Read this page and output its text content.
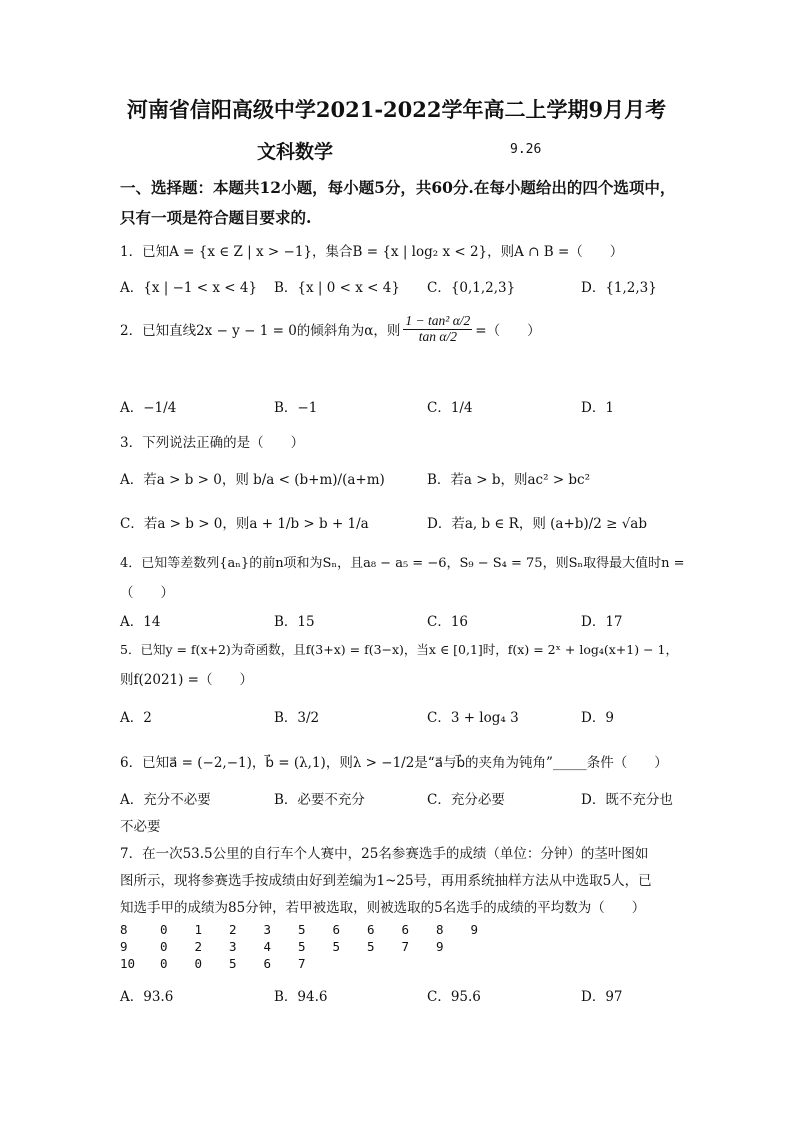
河南省信阳高级中学2021-2022学年高二上学期9月月考
文科数学	9.26
一、选择题：本题共12小题，每小题5分，共60分.在每小题给出的四个选项中，
只有一项是符合题目要求的.
1．已知A = {x ∈ Z | x > −1}，集合B = {x | log₂ x < 2}，则A ∩ B =（　　）
A．{x | −1 < x < 4} B．{x | 0 < x < 4} C．{0,1,2,3}	D．{1,2,3}
2．已知直线2x − y − 1 = 0的倾斜角为α，则 $\frac{\text{1 − tan² α/2}}{\text{tan α/2}}$ =（　　）
A．−1/4	B．−1	C．1/4	D．1
3．下列说法正确的是（　　）
A．若a > b > 0，则 b/a < (b+m)/(a+m)	B．若a > b，则ac² > bc²
C．若a > b > 0，则a + 1/b > b + 1/a	D．若a, b ∈ R，则 (a+b)/2 ≥ √ab
4．已知等差数列{aₙ}的前n项和为Sₙ，且a₈ − a₅ = −6，S₉ − S₄ = 75，则Sₙ取得最大值时n =
（　　）
A．14	B．15	C．16	D．17
5．已知y = f(x+2)为奇函数，且f(3+x) = f(3−x)，当x ∈ [0,1]时，f(x) = 2ˣ + log₄(x+1) − 1，
则f(2021) =（　　）
A．2	B．3/2	C．3 + log₄ 3	D．9
6．已知a⃗ = (−2,−1)，b⃗ = (λ,1)，则λ > −1/2是“a⃗与b⃗的夹角为钝角”_____条件（　　）
A．充分不必要	B．必要不充分	C．充分必要	D．既不充分也
不必要
7．在一次53.5公里的自行车个人赛中，25名参赛选手的成绩（单位：分钟）的茎叶图如
图所示，现将参赛选手按成绩由好到差编为1~25号，再用系统抽样方法从中选取5人，已
知选手甲的成绩为85分钟，若甲被选取，则被选取的5名选手的成绩的平均数为（　　）
8	0 1 2 3 5 6 6 6 8 9
9	0 2 3 4 5 5 5 7 9
10 0 0 5 6 7
A．93.6	B．94.6	C．95.6	D．97
